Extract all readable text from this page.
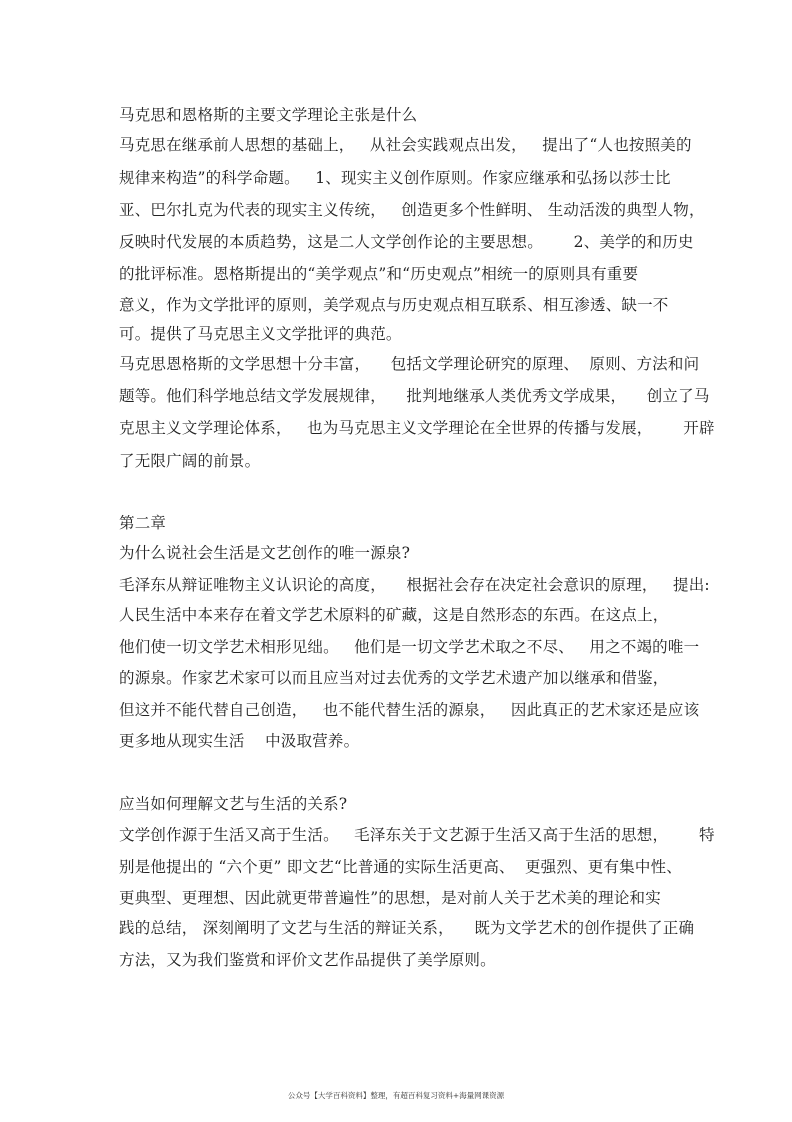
马克思和恩格斯的主要文学理论主张是什么
马克思在继承前人思想的基础上，   从社会实践观点出发，   提出了“人也按照美的
规律来构造”的科学命题。   1、现实主义创作原则。作家应继承和弘扬以莎士比
亚、巴尔扎克为代表的现实主义传统，   创造更多个性鲜明、 生动活泼的典型人物，
反映时代发展的本质趋势，这是二人文学创作论的主要思想。      2、美学的和历史
的批评标准。恩格斯提出的“美学观点”和“历史观点”相统一的原则具有重要
意义，作为文学批评的原则，美学观点与历史观点相互联系、相互渗透、缺一不
可。提供了马克思主义文学批评的典范。
马克思恩格斯的文学思想十分丰富，    包括文学理论研究的原理、  原则、方法和问
题等。他们科学地总结文学发展规律，    批判地继承人类优秀文学成果，    创立了马
克思主义文学理论体系，   也为马克思主义文学理论在全世界的传播与发展，      开辟
了无限广阔的前景。
第二章
为什么说社会生活是文艺创作的唯一源泉?
毛泽东从辩证唯物主义认识论的高度，    根据社会存在决定社会意识的原理，   提出:
人民生活中本来存在着文学艺术原料的矿藏，这是自然形态的东西。在这点上，
他们使一切文学艺术相形见绌。   他们是一切文学艺术取之不尽、   用之不竭的唯一
的源泉。作家艺术家可以而且应当对过去优秀的文学艺术遗产加以继承和借鉴，
但这并不能代替自己创造，   也不能代替生活的源泉，   因此真正的艺术家还是应该
更多地从现实生活    中汲取营养。
应当如何理解文艺与生活的关系?
文学创作源于生活又高于生活。   毛泽东关于文艺源于生活又高于生活的思想，      特
别是他提出的 “六个更” 即文艺“比普通的实际生活更高、  更强烈、更有集中性、
更典型、更理想、因此就更带普遍性”的思想，是对前人关于艺术美的理论和实
践的总结， 深刻阐明了文艺与生活的辩证关系，    既为文学艺术的创作提供了正确
方法，又为我们鉴赏和评价文艺作品提供了美学原则。
公众号【大学百科资料】整理，有超百科复习资料+海量网课资源
